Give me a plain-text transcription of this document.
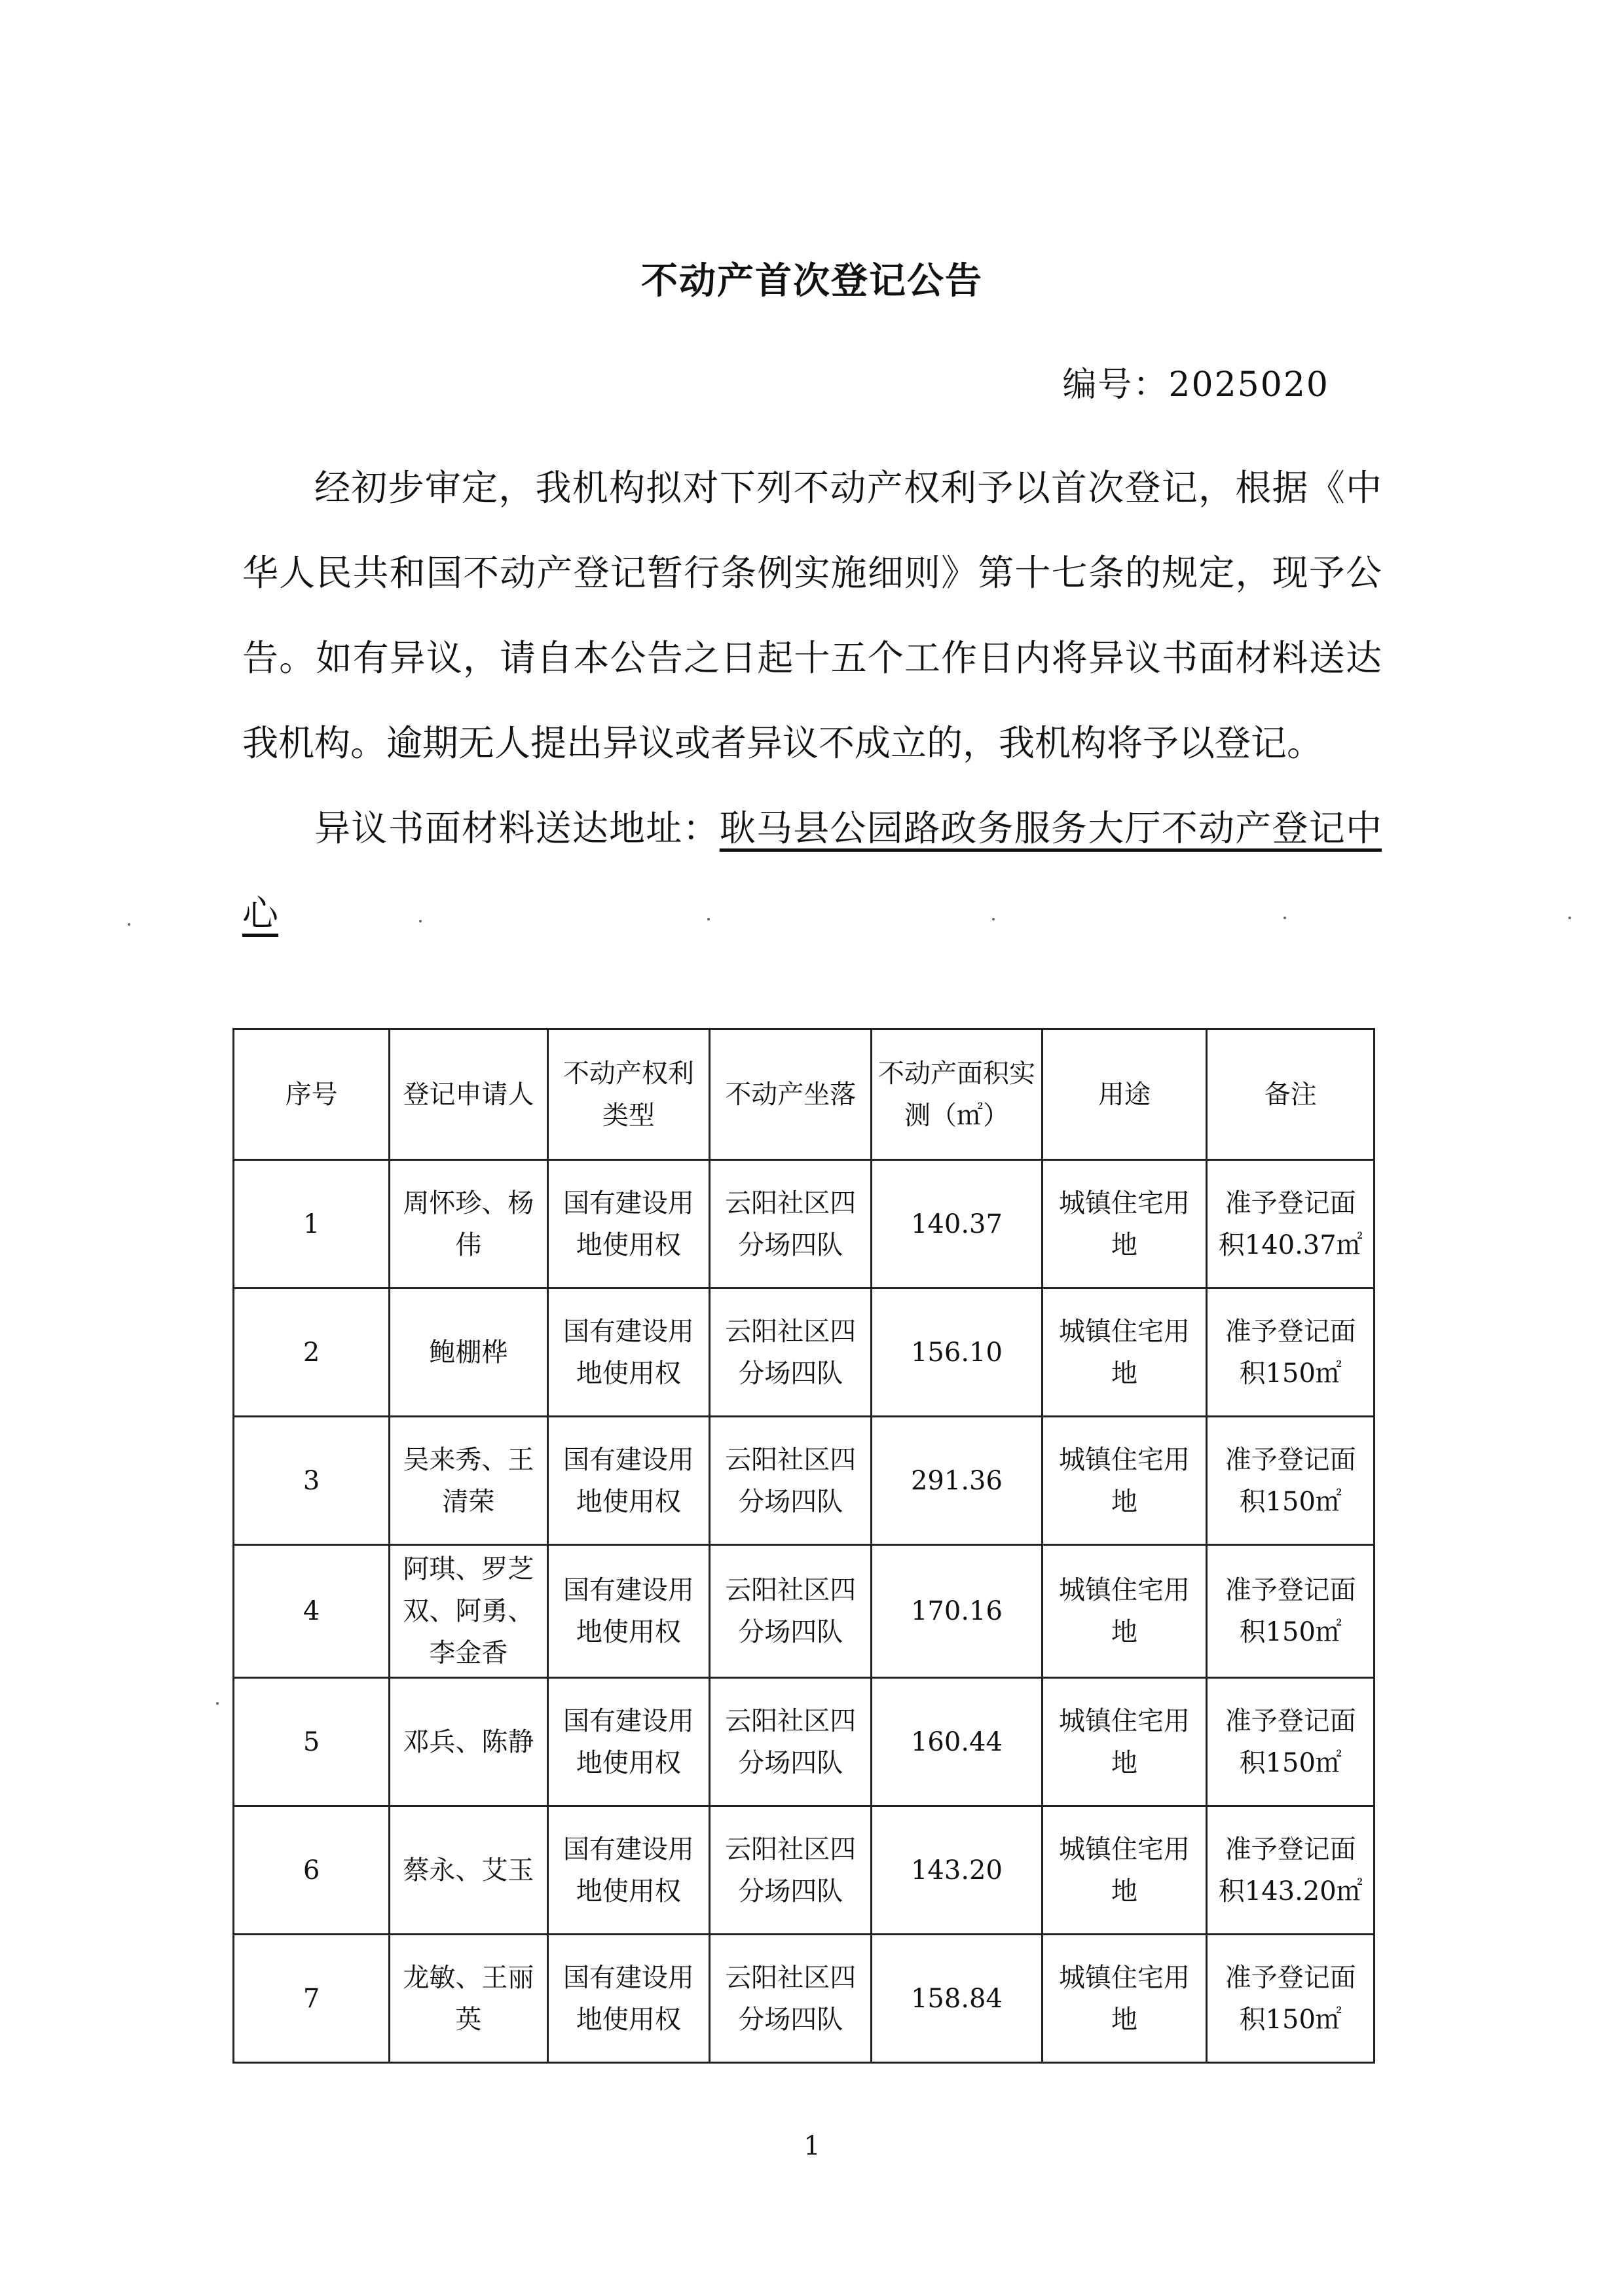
不动产首次登记公告
编号：2025020

经初步审定，我机构拟对下列不动产权利予以首次登记，根据《中华人民共和国不动产登记暂行条例实施细则》第十七条的规定，现予公告。如有异议，请自本公告之日起十五个工作日内将异议书面材料送达我机构。逾期无人提出异议或者异议不成立的，我机构将予以登记。

异议书面材料送达地址：耿马县公园路政务服务大厅不动产登记中心

序号	登记申请人	不动产权利类型	不动产坐落	不动产面积实测（㎡）	用途	备注
1	周怀珍、杨伟	国有建设用地使用权	云阳社区四分场四队	140.37	城镇住宅用地	准予登记面积140.37㎡
2	鲍棚桦	国有建设用地使用权	云阳社区四分场四队	156.10	城镇住宅用地	准予登记面积150㎡
3	吴来秀、王清荣	国有建设用地使用权	云阳社区四分场四队	291.36	城镇住宅用地	准予登记面积150㎡
4	阿琪、罗芝双、阿勇、李金香	国有建设用地使用权	云阳社区四分场四队	170.16	城镇住宅用地	准予登记面积150㎡
5	邓兵、陈静	国有建设用地使用权	云阳社区四分场四队	160.44	城镇住宅用地	准予登记面积150㎡
6	蔡永、艾玉	国有建设用地使用权	云阳社区四分场四队	143.20	城镇住宅用地	准予登记面积143.20㎡
7	龙敏、王丽英	国有建设用地使用权	云阳社区四分场四队	158.84	城镇住宅用地	准予登记面积150㎡
1
